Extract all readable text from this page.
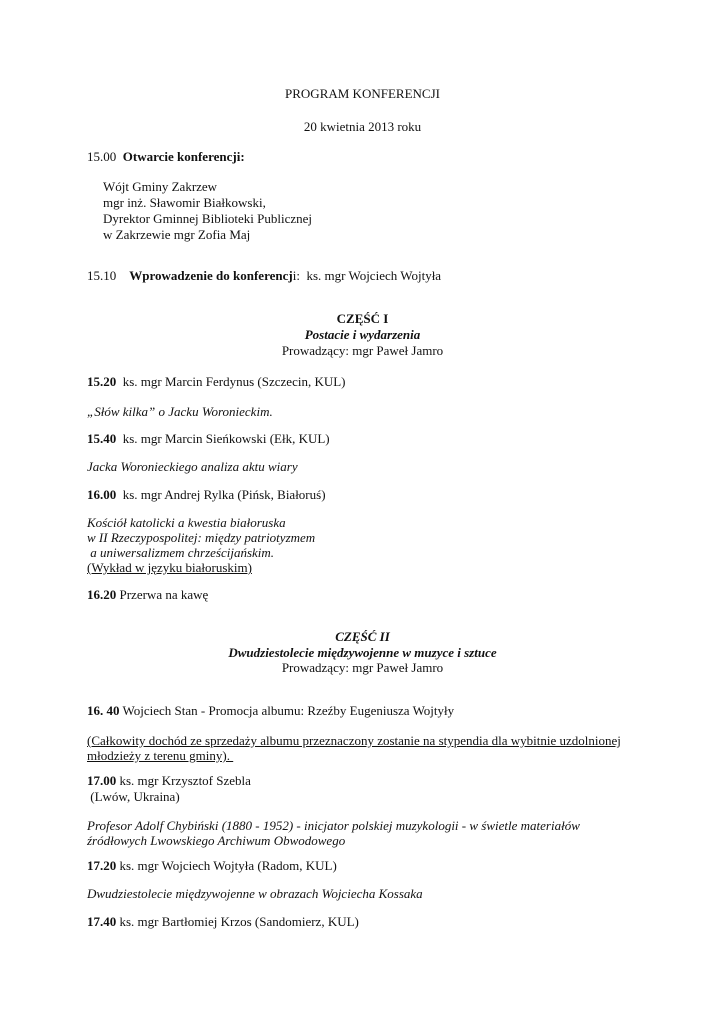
PROGRAM KONFERENCJI
20 kwietnia 2013 roku
15.00 Otwarcie konferencji:
Wójt Gminy Zakrzew
mgr inż. Sławomir Białkowski,
Dyrektor Gminnej Biblioteki Publicznej
w Zakrzewie mgr Zofia Maj
15.10 Wprowadzenie do konferencji: ks. mgr Wojciech Wojtyła
CZĘŚĆ I
Postacie i wydarzenia
Prowadzący: mgr Paweł Jamro
15.20 ks. mgr Marcin Ferdynus (Szczecin, KUL)
„Słów kilka” o Jacku Woronieckim.
15.40 ks. mgr Marcin Sieńkowski (Ełk, KUL)
Jacka Woronieckiego analiza aktu wiary
16.00 ks. mgr Andrej Rylka (Pińsk, Białoruś)
Kościół katolicki a kwestia białoruska
w II Rzeczypospolitej: między patriotyzmem
a uniwersalizmem chrześcijańskim.
(Wykład w języku białoruskim)
16.20 Przerwa na kawę
CZĘŚĆ II
Dwudziestolecie międzywojenne w muzyce i sztuce
Prowadzący: mgr Paweł Jamro
16. 40 Wojciech Stan - Promocja albumu: Rzeźby Eugeniusza Wojtyły
(Całkowity dochód ze sprzedaży albumu przeznaczony zostanie na stypendia dla wybitnie uzdolnionej
młodzieży z terenu gminy).
17.00 ks. mgr Krzysztof Szebla
(Lwów, Ukraina)
Profesor Adolf Chybiński (1880 - 1952) - inicjator polskiej muzykologii - w świetle materiałów
źródłowych Lwowskiego Archiwum Obwodowego
17.20 ks. mgr Wojciech Wojtyła (Radom, KUL)
Dwudziestolecie międzywojenne w obrazach Wojciecha Kossaka
17.40 ks. mgr Bartłomiej Krzos (Sandomierz, KUL)
